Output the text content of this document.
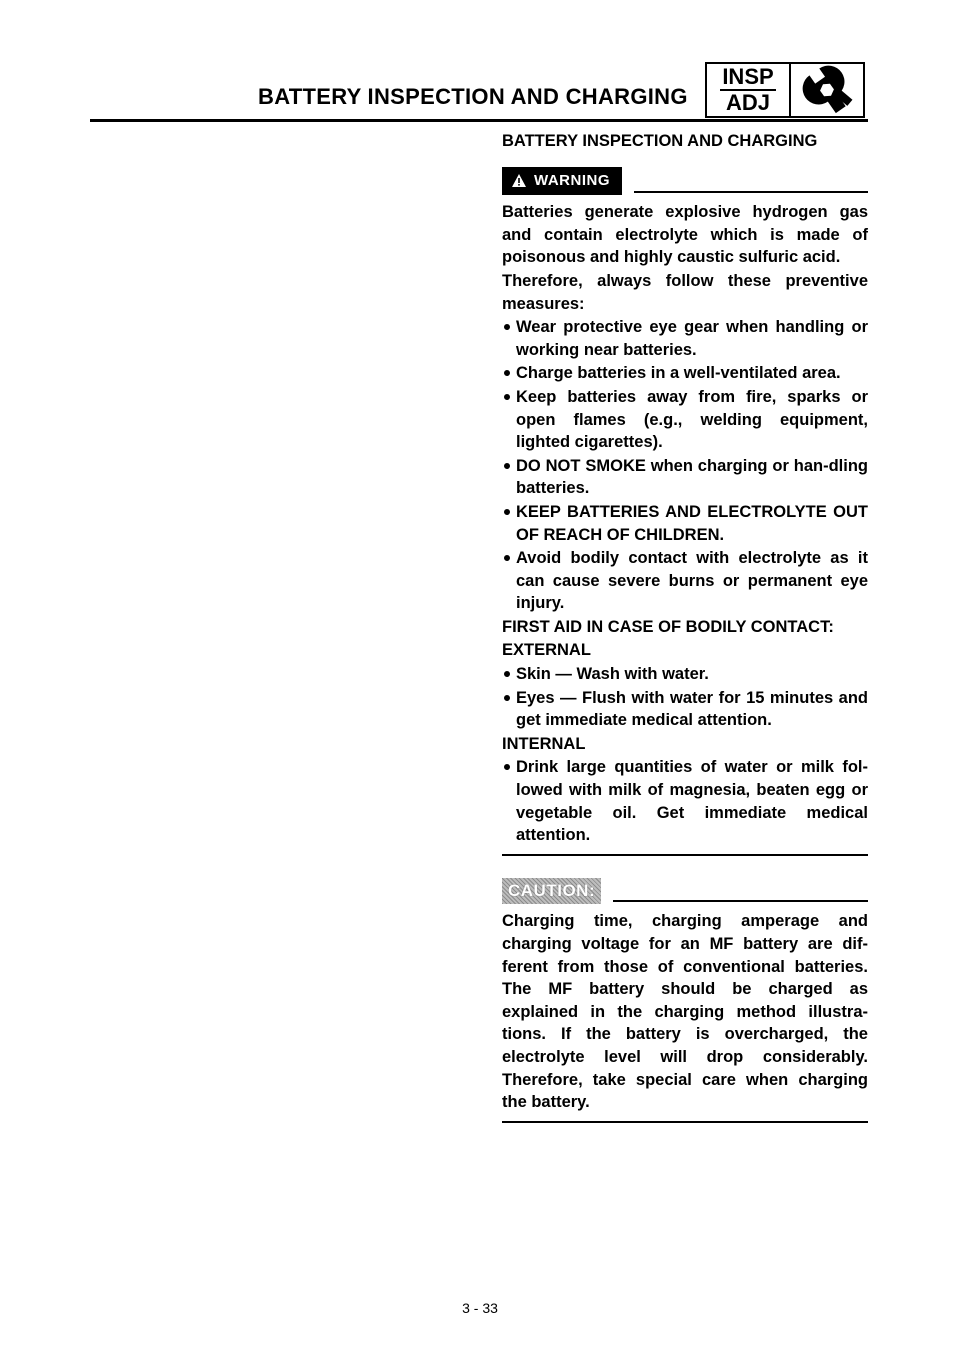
BATTERY INSPECTION AND CHARGING
INSP
ADJ
BATTERY INSPECTION AND CHARGING
WARNING

Batteries generate explosive hydrogen gas and contain electrolyte which is made of poisonous and highly caustic sulfuric acid.

Therefore, always follow these preventive measures:

Wear protective eye gear when handling or working near batteries.
Charge batteries in a well-ventilated area.
Keep batteries away from fire, sparks or open flames (e.g., welding equipment, lighted cigarettes).
DO NOT SMOKE when charging or han-dling batteries.
KEEP BATTERIES AND ELECTROLYTE OUT OF REACH OF CHILDREN.
Avoid bodily contact with electrolyte as it can cause severe burns or permanent eye injury.

FIRST AID IN CASE OF BODILY CONTACT:

EXTERNAL

Skin — Wash with water.
Eyes — Flush with water for 15 minutes and get immediate medical attention.

INTERNAL

Drink large quantities of water or milk fol-lowed with milk of magnesia, beaten egg or vegetable oil. Get immediate medical attention.
CAUTION:

Charging time, charging amperage and charging voltage for an MF battery are dif-ferent from those of conventional batteries. The MF battery should be charged as explained in the charging method illustra-tions. If the battery is overcharged, the electrolyte level will drop considerably. Therefore, take special care when charging the battery.

3 - 33
